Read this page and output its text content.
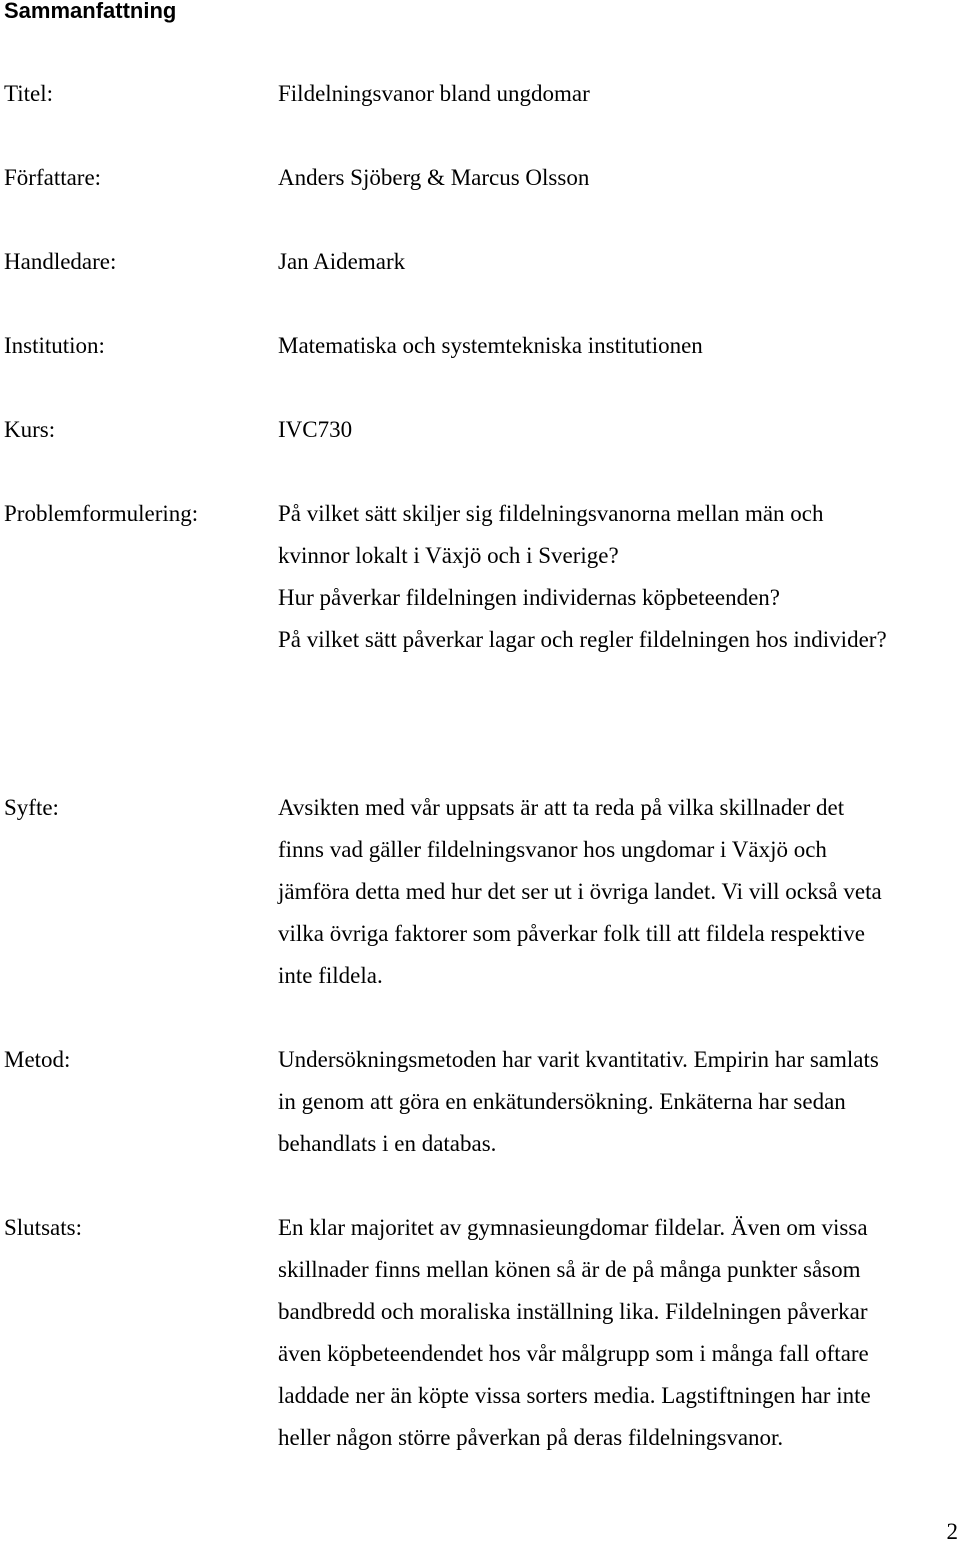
Sammanfattning
Titel:	Fildelningsvanor bland ungdomar
Författare:	Anders Sjöberg & Marcus Olsson
Handledare:	Jan Aidemark
Institution:	Matematiska och systemtekniska institutionen
Kurs:	IVC730
Problemformulering:	På vilket sätt skiljer sig fildelningsvanorna mellan män och
kvinnor lokalt i Växjö och i Sverige?
Hur påverkar fildelningen individernas köpbeteenden?
På vilket sätt påverkar lagar och regler fildelningen hos individer?
Syfte:	Avsikten med vår uppsats är att ta reda på vilka skillnader det
finns vad gäller fildelningsvanor hos ungdomar i Växjö och
jämföra detta med hur det ser ut i övriga landet. Vi vill också veta
vilka övriga faktorer som påverkar folk till att fildela respektive
inte fildela.
Metod:	Undersökningsmetoden har varit kvantitativ. Empirin har samlats
in genom att göra en enkätundersökning. Enkäterna har sedan
behandlats i en databas.
Slutsats:	En klar majoritet av gymnasieungdomar fildelar. Även om vissa
skillnader finns mellan könen så är de på många punkter såsom
bandbredd och moraliska inställning lika. Fildelningen påverkar
även köpbeteendendet hos vår målgrupp som i många fall oftare
laddade ner än köpte vissa sorters media. Lagstiftningen har inte
heller någon större påverkan på deras fildelningsvanor.
2
